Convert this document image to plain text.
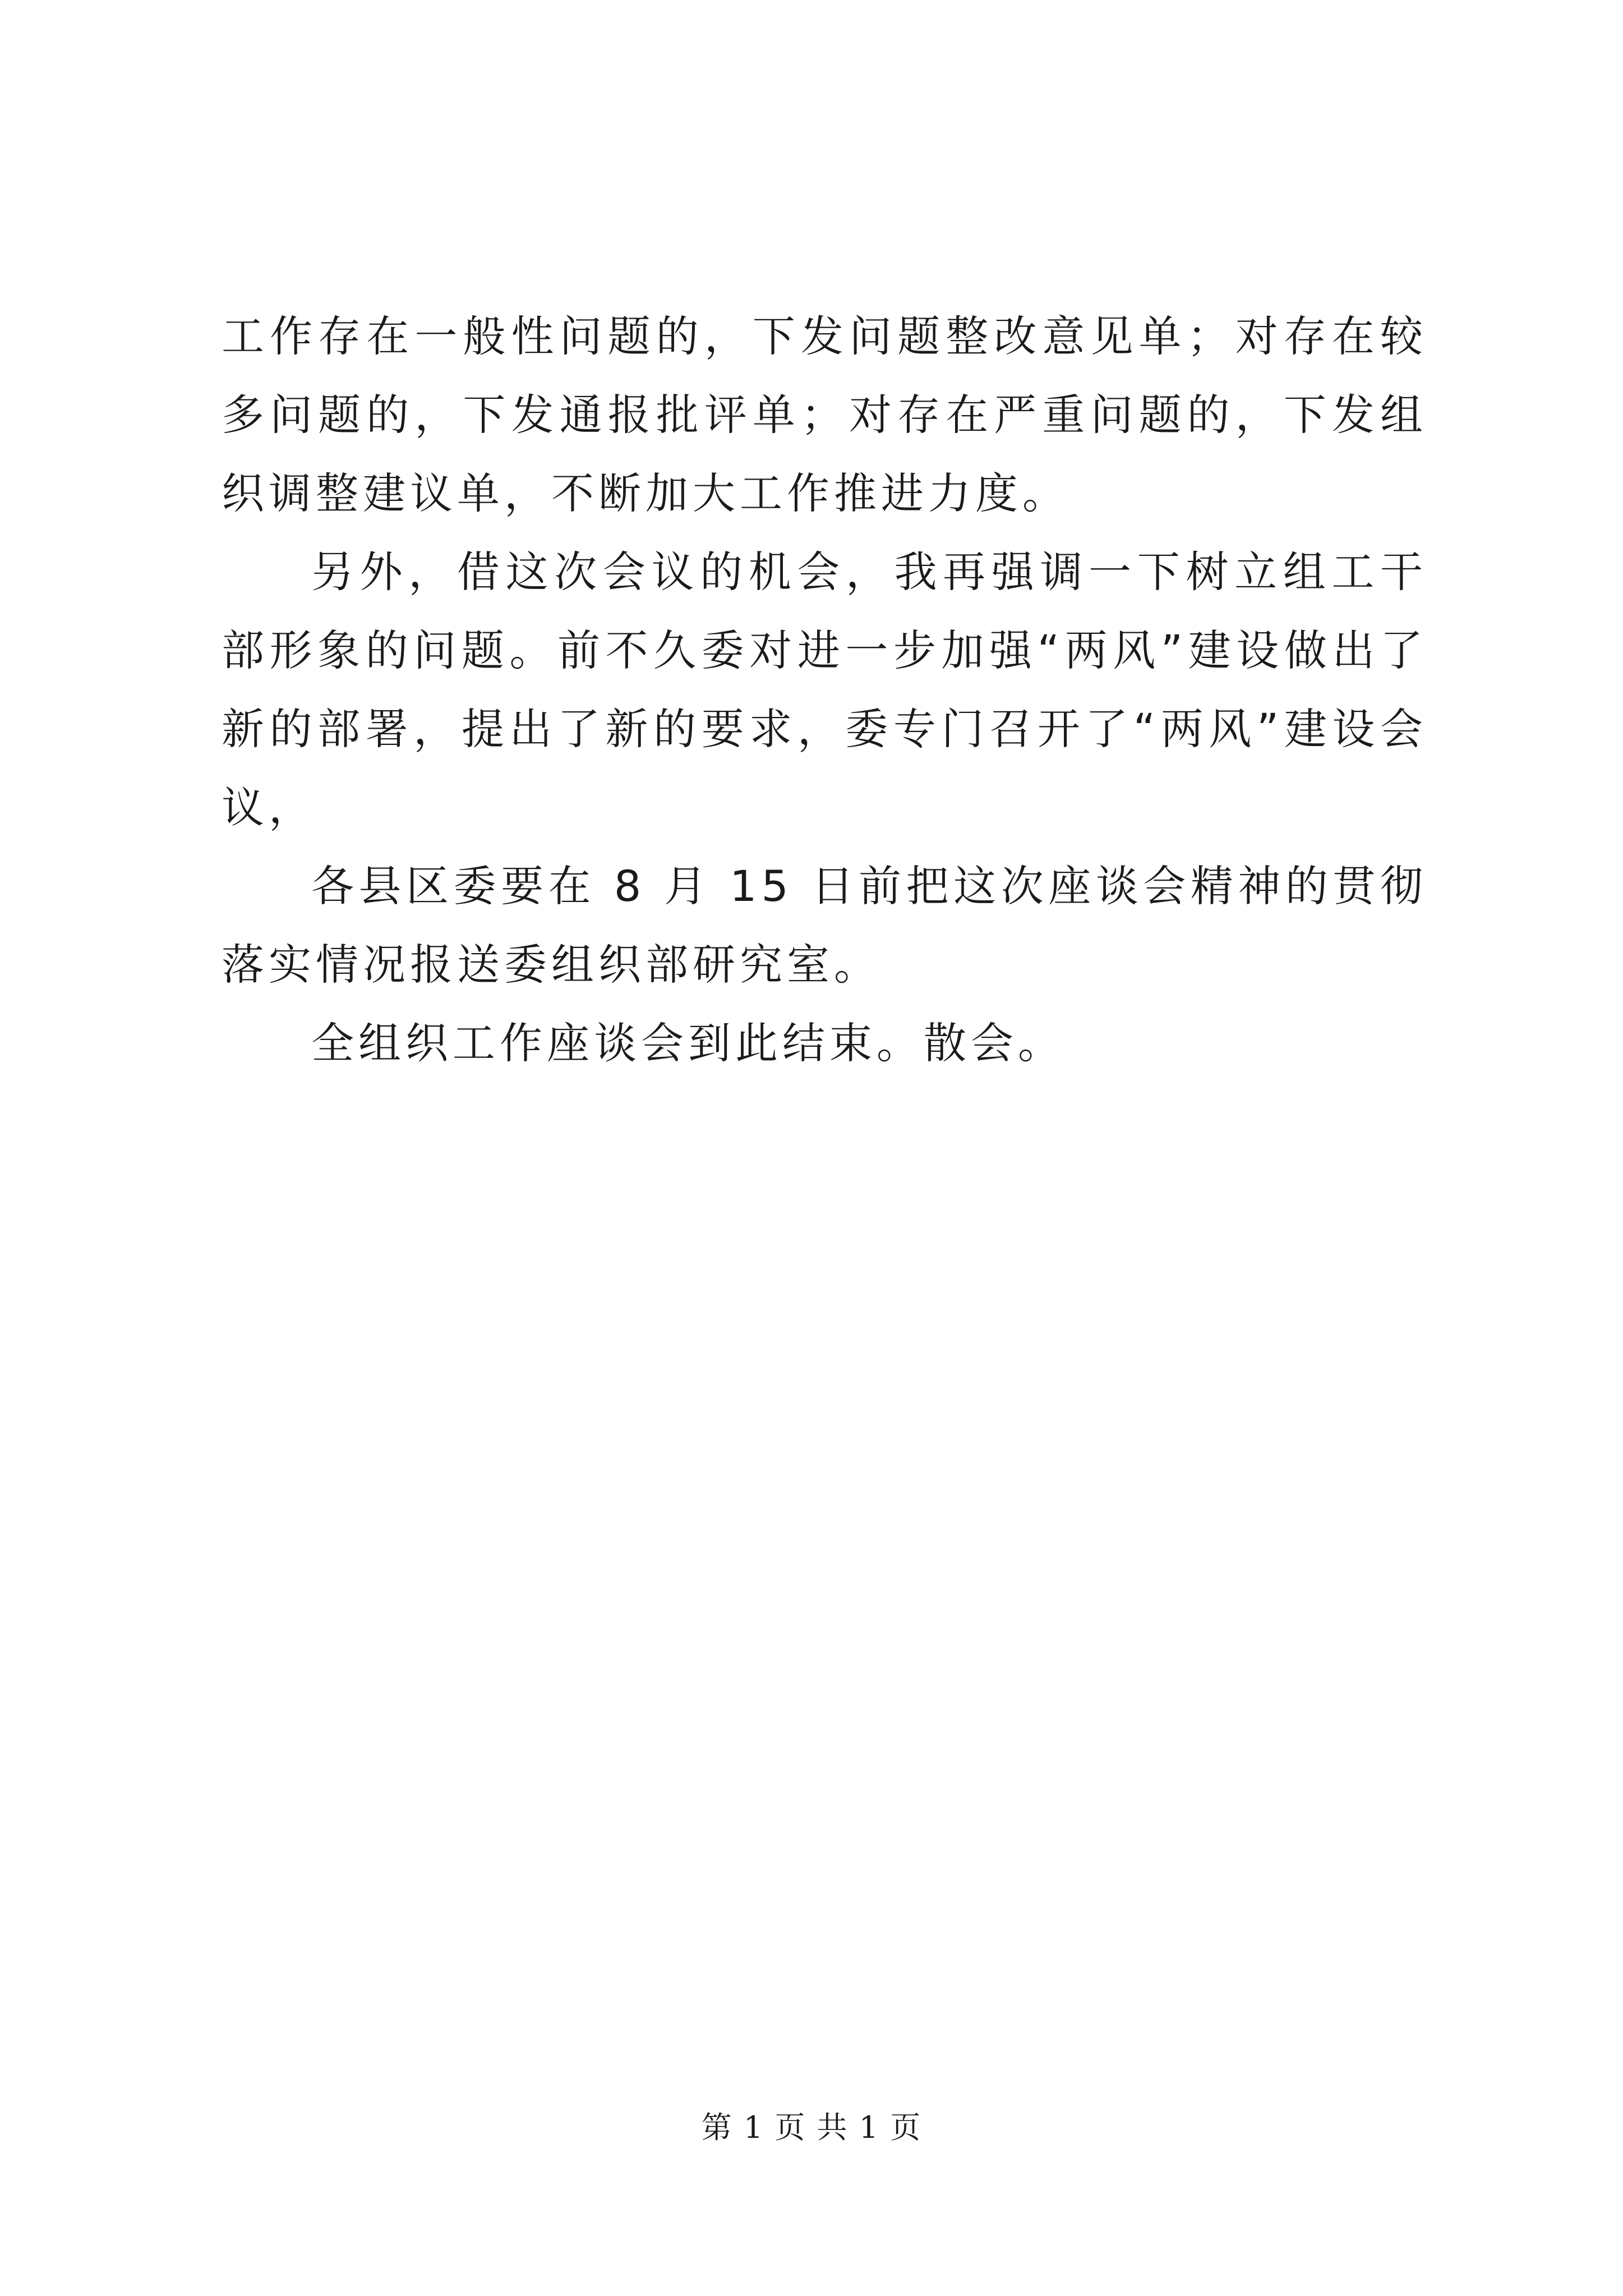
工作存在一般性问题的，下发问题整改意见单；对存在较多问题的，下发通报批评单；对存在严重问题的，下发组织调整建议单，不断加大工作推进力度。

另外，借这次会议的机会，我再强调一下树立组工干部形象的问题。前不久委对进一步加强“两风”建设做出了新的部署，提出了新的要求，委专门召开了“两风”建设会议，

各县区委要在 8 月 15 日前把这次座谈会精神的贯彻落实情况报送委组织部研究室。

全组织工作座谈会到此结束。散会。

第 1 页 共 1 页
